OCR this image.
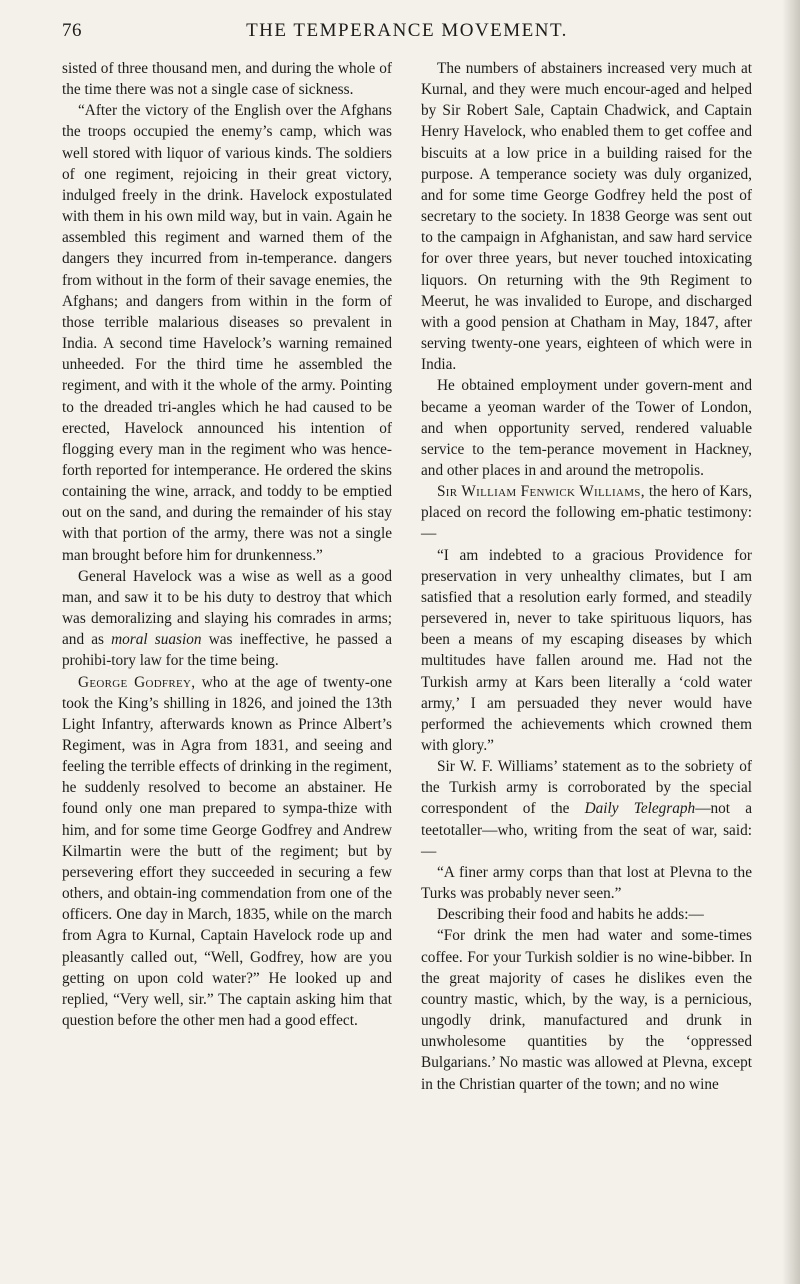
76	THE TEMPERANCE MOVEMENT.

sisted of three thousand men, and during the whole of the time there was not a single case of sickness.

“After the victory of the English over the Afghans the troops occupied the enemy’s camp, which was well stored with liquor of various kinds. The soldiers of one regiment, rejoicing in their great victory, indulged freely in the drink. Havelock expostulated with them in his own mild way, but in vain. Again he assembled this regiment and warned them of the dangers they incurred from in-temperance. dangers from without in the form of their savage enemies, the Afghans; and dangers from within in the form of those terrible malarious diseases so prevalent in India. A second time Havelock’s warning remained unheeded. For the third time he assembled the regiment, and with it the whole of the army. Pointing to the dreaded tri-angles which he had caused to be erected, Havelock announced his intention of flogging every man in the regiment who was hence-forth reported for intemperance. He ordered the skins containing the wine, arrack, and toddy to be emptied out on the sand, and during the remainder of his stay with that portion of the army, there was not a single man brought before him for drunkenness.”

General Havelock was a wise as well as a good man, and saw it to be his duty to destroy that which was demoralizing and slaying his comrades in arms; and as moral suasion was ineffective, he passed a prohibi-tory law for the time being.

George Godfrey, who at the age of twenty-one took the King’s shilling in 1826, and joined the 13th Light Infantry, afterwards known as Prince Albert’s Regiment, was in Agra from 1831, and seeing and feeling the terrible effects of drinking in the regiment, he suddenly resolved to become an abstainer. He found only one man prepared to sympa-thize with him, and for some time George Godfrey and Andrew Kilmartin were the butt of the regiment; but by persevering effort they succeeded in securing a few others, and obtain-ing commendation from one of the officers. One day in March, 1835, while on the march from Agra to Kurnal, Captain Havelock rode up and pleasantly called out, “Well, Godfrey, how are you getting on upon cold water?” He looked up and replied, “Very well, sir.” The captain asking him that question before the other men had a good effect.

The numbers of abstainers increased very much at Kurnal, and they were much encour-aged and helped by Sir Robert Sale, Captain Chadwick, and Captain Henry Havelock, who enabled them to get coffee and biscuits at a low price in a building raised for the purpose. A temperance society was duly organized, and for some time George Godfrey held the post of secretary to the society. In 1838 George was sent out to the campaign in Afghanistan, and saw hard service for over three years, but never touched intoxicating liquors. On returning with the 9th Regiment to Meerut, he was invalided to Europe, and discharged with a good pension at Chatham in May, 1847, after serving twenty-one years, eighteen of which were in India.

He obtained employment under govern-ment and became a yeoman warder of the Tower of London, and when opportunity served, rendered valuable service to the tem-perance movement in Hackney, and other places in and around the metropolis.

Sir William Fenwick Williams, the hero of Kars, placed on record the following em-phatic testimony:—

“I am indebted to a gracious Providence for preservation in very unhealthy climates, but I am satisfied that a resolution early formed, and steadily persevered in, never to take spirituous liquors, has been a means of my escaping diseases by which multitudes have fallen around me. Had not the Turkish army at Kars been literally a ‘cold water army,’ I am persuaded they never would have performed the achievements which crowned them with glory.”

Sir W. F. Williams’ statement as to the sobriety of the Turkish army is corroborated by the special correspondent of the Daily Telegraph—not a teetotaller—who, writing from the seat of war, said:—

“A finer army corps than that lost at Plevna to the Turks was probably never seen.”

Describing their food and habits he adds:—

“For drink the men had water and some-times coffee. For your Turkish soldier is no wine-bibber. In the great majority of cases he dislikes even the country mastic, which, by the way, is a pernicious, ungodly drink, manufactured and drunk in unwholesome quantities by the ‘oppressed Bulgarians.’ No mastic was allowed at Plevna, except in the Christian quarter of the town; and no wine
